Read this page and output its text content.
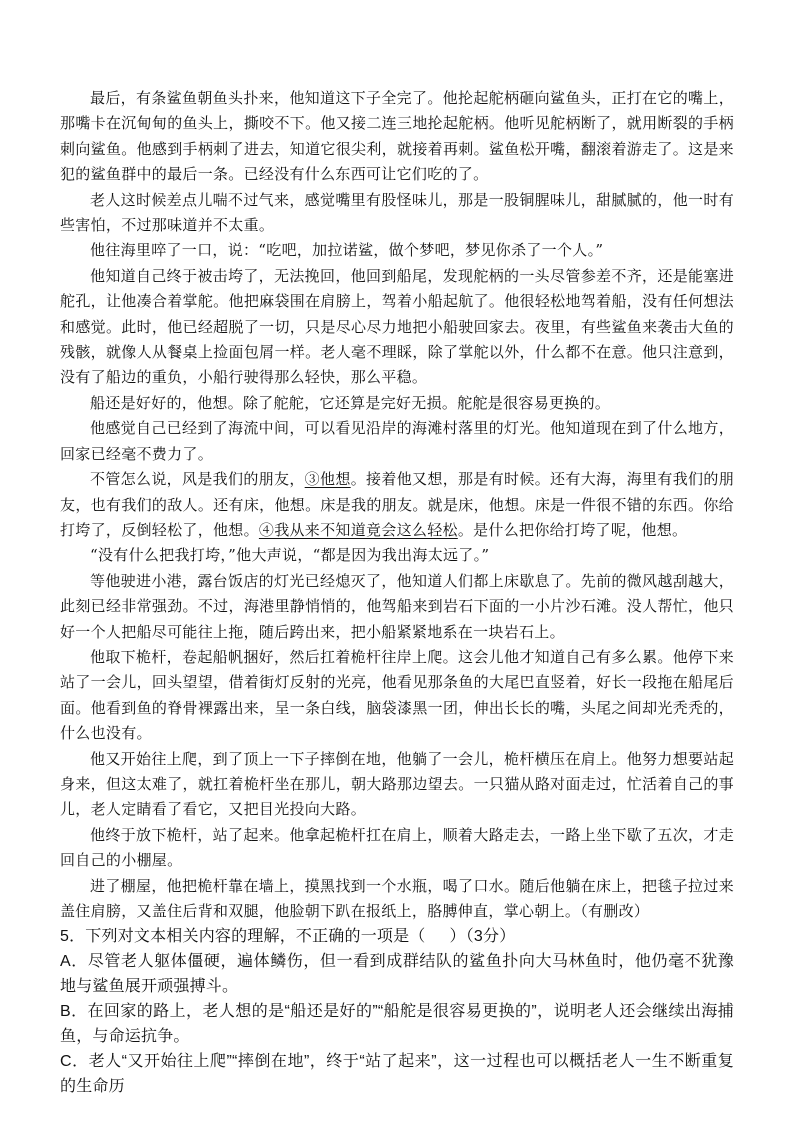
最后，有条鲨鱼朝鱼头扑来，他知道这下子全完了。他抡起舵柄砸向鲨鱼头，正打在它的嘴上，那嘴卡在沉甸甸的鱼头上，撕咬不下。他又接二连三地抡起舵柄。他听见舵柄断了，就用断裂的手柄刺向鲨鱼。他感到手柄刺了进去，知道它很尖利，就接着再刺。鲨鱼松开嘴，翻滚着游走了。这是来犯的鲨鱼群中的最后一条。已经没有什么东西可让它们吃的了。

老人这时候差点儿喘不过气来，感觉嘴里有股怪味儿，那是一股铜腥味儿，甜腻腻的，他一时有些害怕，不过那味道并不太重。

他往海里啐了一口，说：“吃吧，加拉诺鲨，做个梦吧，梦见你杀了一个人。”

他知道自己终于被击垮了，无法挽回，他回到船尾，发现舵柄的一头尽管参差不齐，还是能塞进舵孔，让他凑合着掌舵。他把麻袋围在肩膀上，驾着小船起航了。他很轻松地驾着船，没有任何想法和感觉。此时，他已经超脱了一切，只是尽心尽力地把小船驶回家去。夜里，有些鲨鱼来袭击大鱼的残骸，就像人从餐桌上捡面包屑一样。老人毫不理睬，除了掌舵以外，什么都不在意。他只注意到，没有了船边的重负，小船行驶得那么轻快，那么平稳。

船还是好好的，他想。除了舵舵，它还算是完好无损。舵舵是很容易更换的。

他感觉自己已经到了海流中间，可以看见沿岸的海滩村落里的灯光。他知道现在到了什么地方，回家已经毫不费力了。

不管怎么说，风是我们的朋友，③他想。接着他又想，那是有时候。还有大海，海里有我们的朋友，也有我们的敌人。还有床，他想。床是我的朋友。就是床，他想。床是一件很不错的东西。你给打垮了，反倒轻松了，他想。④我从来不知道竟会这么轻松。是什么把你给打垮了呢，他想。

“没有什么把我打垮，”他大声说，“都是因为我出海太远了。”

等他驶进小港，露台饭店的灯光已经熄灭了，他知道人们都上床歇息了。先前的微风越刮越大，此刻已经非常强劲。不过，海港里静悄悄的，他驾船来到岩石下面的一小片沙石滩。没人帮忙，他只好一个人把船尽可能往上拖，随后跨出来，把小船紧紧地系在一块岩石上。

他取下桅杆，卷起船帆捆好，然后扛着桅杆往岸上爬。这会儿他才知道自己有多么累。他停下来站了一会儿，回头望望，借着街灯反射的光亮，他看见那条鱼的大尾巴直竖着，好长一段拖在船尾后面。他看到鱼的脊骨裸露出来，呈一条白线，脑袋漆黑一团，伸出长长的嘴，头尾之间却光秃秃的，什么也没有。

他又开始往上爬，到了顶上一下子摔倒在地，他躺了一会儿，桅杆横压在肩上。他努力想要站起身来，但这太难了，就扛着桅杆坐在那儿，朝大路那边望去。一只猫从路对面走过，忙活着自己的事儿，老人定睛看了看它，又把目光投向大路。

他终于放下桅杆，站了起来。他拿起桅杆扛在肩上，顺着大路走去，一路上坐下歇了五次，才走回自己的小棚屋。

进了棚屋，他把桅杆靠在墙上，摸黑找到一个水瓶，喝了口水。随后他躺在床上，把毯子拉过来盖住肩膀，又盖住后背和双腿，他脸朝下趴在报纸上，胳膊伸直，掌心朝上。（有删改）

5．下列对文本相关内容的理解，不正确的一项是（ ）（3分）

A．尽管老人躯体僵硬，遍体鳞伤，但一看到成群结队的鲨鱼扑向大马林鱼时，他仍毫不犹豫地与鲨鱼展开顽强搏斗。

B．在回家的路上，老人想的是“船还是好的”“船舵是很容易更换的”，说明老人还会继续出海捕鱼，与命运抗争。

C．老人“又开始往上爬”“摔倒在地”，终于“站了起来”，这一过程也可以概括老人一生不断重复的生命历
